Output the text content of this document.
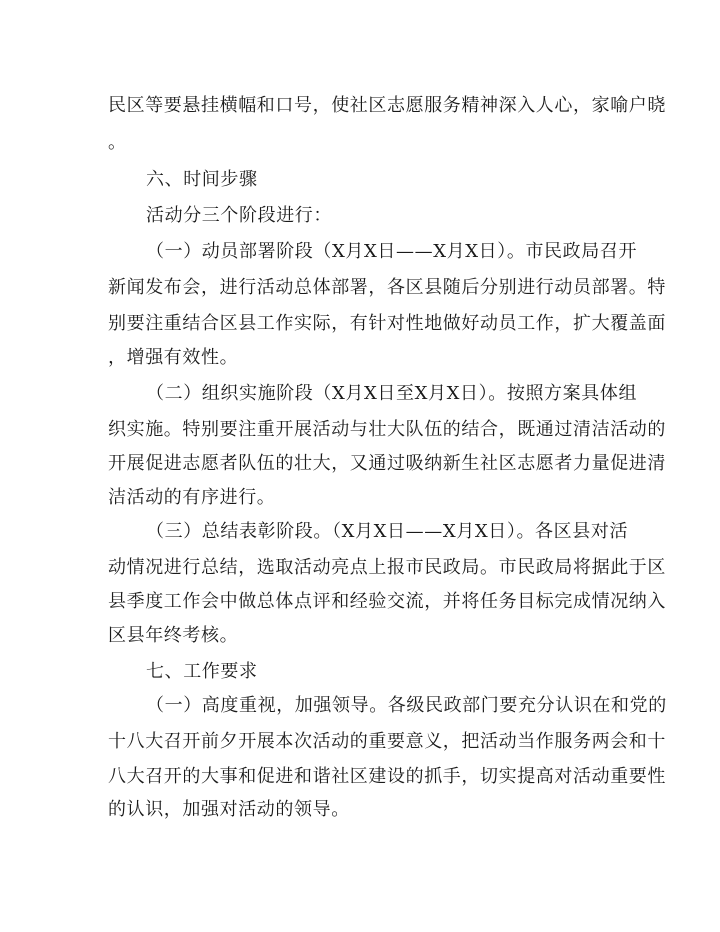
民区等要悬挂横幅和口号，使社区志愿服务精神深入人心，家喻户晓
。
六、时间步骤
活动分三个阶段进行：
（一）动员部署阶段（X月X日——X月X日）。市民政局召开
新闻发布会，进行活动总体部署，各区县随后分别进行动员部署。特
别要注重结合区县工作实际，有针对性地做好动员工作，扩大覆盖面
，增强有效性。
（二）组织实施阶段（X月X日至X月X日）。按照方案具体组
织实施。特别要注重开展活动与壮大队伍的结合，既通过清洁活动的
开展促进志愿者队伍的壮大，又通过吸纳新生社区志愿者力量促进清
洁活动的有序进行。
（三）总结表彰阶段。（X月X日——X月X日）。各区县对活
动情况进行总结，选取活动亮点上报市民政局。市民政局将据此于区
县季度工作会中做总体点评和经验交流，并将任务目标完成情况纳入
区县年终考核。
七、工作要求
（一）高度重视，加强领导。各级民政部门要充分认识在和党的
十八大召开前夕开展本次活动的重要意义，把活动当作服务两会和十
八大召开的大事和促进和谐社区建设的抓手，切实提高对活动重要性
的认识，加强对活动的领导。
